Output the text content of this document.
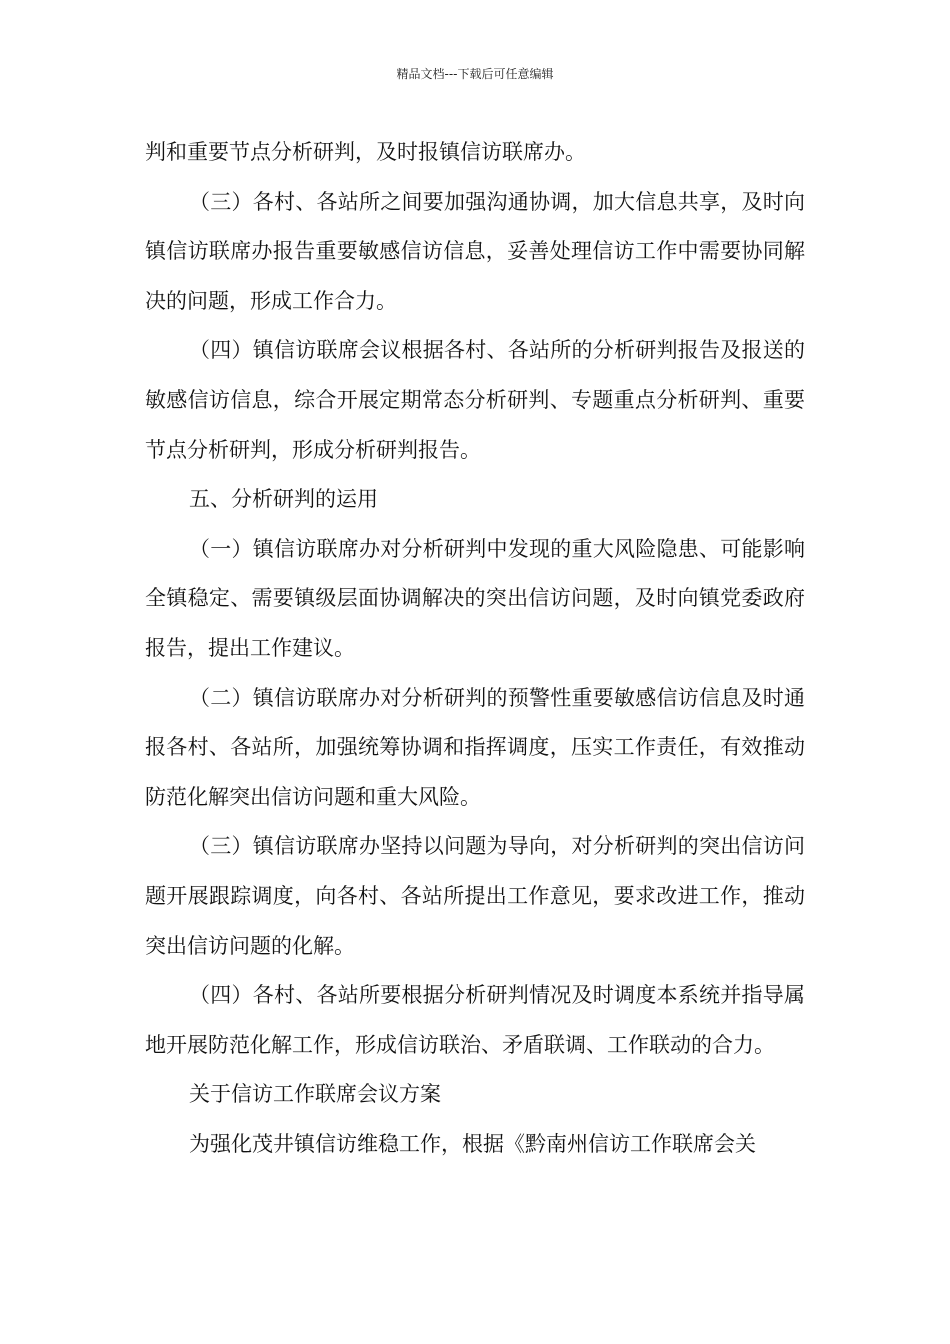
精品文档---下载后可任意编辑

判和重要节点分析研判，及时报镇信访联席办。

（三）各村、各站所之间要加强沟通协调，加大信息共享，及时向镇信访联席办报告重要敏感信访信息，妥善处理信访工作中需要协同解决的问题，形成工作合力。

（四）镇信访联席会议根据各村、各站所的分析研判报告及报送的敏感信访信息，综合开展定期常态分析研判、专题重点分析研判、重要节点分析研判，形成分析研判报告。

五、分析研判的运用

（一）镇信访联席办对分析研判中发现的重大风险隐患、可能影响全镇稳定、需要镇级层面协调解决的突出信访问题，及时向镇党委政府报告，提出工作建议。

（二）镇信访联席办对分析研判的预警性重要敏感信访信息及时通报各村、各站所，加强统筹协调和指挥调度，压实工作责任，有效推动防范化解突出信访问题和重大风险。

（三）镇信访联席办坚持以问题为导向，对分析研判的突出信访问题开展跟踪调度，向各村、各站所提出工作意见，要求改进工作，推动突出信访问题的化解。

（四）各村、各站所要根据分析研判情况及时调度本系统并指导属地开展防范化解工作，形成信访联治、矛盾联调、工作联动的合力。

关于信访工作联席会议方案

为强化茂井镇信访维稳工作，根据《黔南州信访工作联席会关
